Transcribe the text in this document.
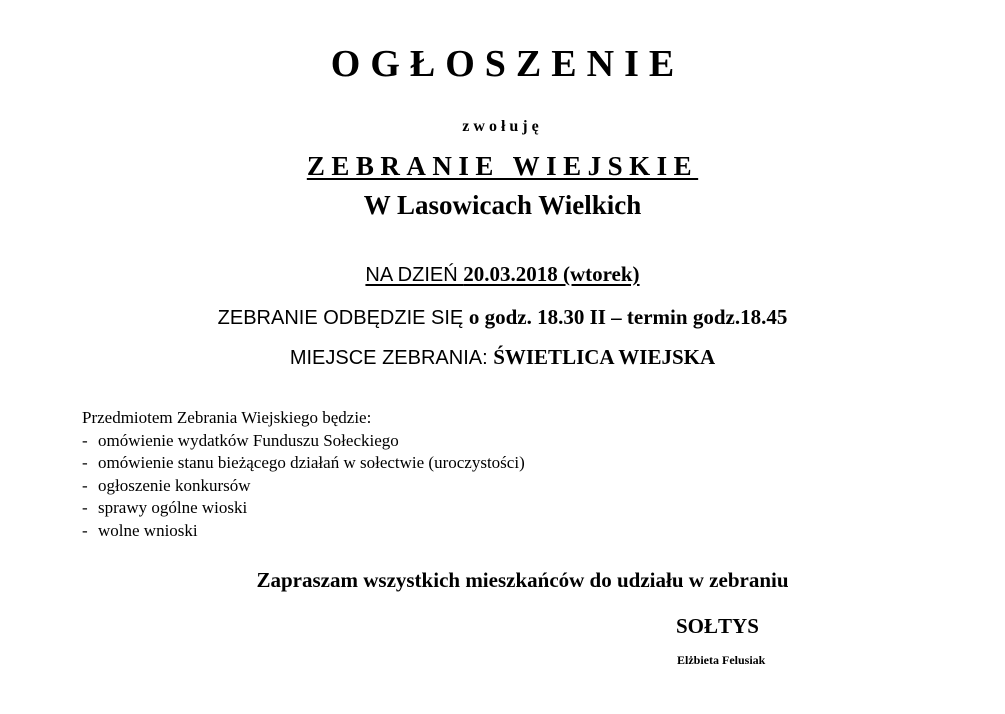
OGŁOSZENIE
zwołuję
ZEBRANIE WIEJSKIE
W Lasowicach Wielkich
NA DZIEŃ 20.03.2018 (wtorek)
ZEBRANIE ODBĘDZIE SIĘ o godz. 18.30 II – termin godz.18.45
MIEJSCE ZEBRANIA: ŚWIETLICA WIEJSKA
Przedmiotem Zebrania Wiejskiego będzie:
- omówienie wydatków Funduszu Sołeckiego
- omówienie stanu bieżącego działań w sołectwie (uroczystości)
- ogłoszenie konkursów
- sprawy ogólne wioski
- wolne wnioski
Zapraszam wszystkich mieszkańców do udziału w zebraniu
SOŁTYS
Elżbieta Felusiak
